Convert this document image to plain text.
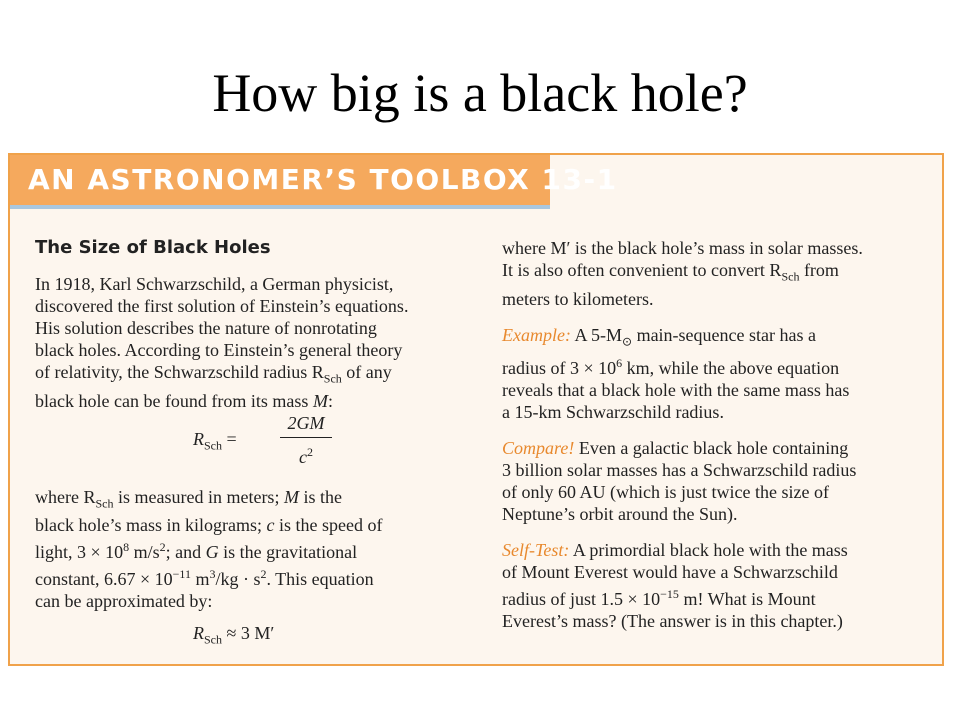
How big is a black hole?
AN ASTRONOMER’S TOOLBOX 13-1
The Size of Black Holes

In 1918, Karl Schwarzschild, a German physicist,

discovered the first solution of Einstein’s equations.

His solution describes the nature of nonrotating

black holes. According to Einstein’s general theory

of relativity, the Schwarzschild radius $R_{Sch}$ of any

black hole can be found from its mass M:

$R_{Sch}$ =
2GM
$c^2$

where $R_{Sch}$ is measured in meters; M is the

black hole’s mass in kilograms; c is the speed of

light, $3 \times 10^8$ $m/s^2$; and G is the gravitational

constant, $6.67 \times 10^{-11}$ $m^3/kg \cdot s^2$. This equation

can be approximated by:

$R_{Sch} \approx 3$ M′

where M′ is the black hole’s mass in solar masses.

It is also often convenient to convert $R_{Sch}$ from

meters to kilometers.

Example: A $5-M_⊙$ main-sequence star has a

radius of $3 \times 10^6$ km, while the above equation

reveals that a black hole with the same mass has

a 15-km Schwarzschild radius.

Compare! Even a galactic black hole containing

3 billion solar masses has a Schwarzschild radius

of only 60 AU (which is just twice the size of

Neptune’s orbit around the Sun).

Self-Test: A primordial black hole with the mass

of Mount Everest would have a Schwarzschild

radius of just $1.5 \times 10^{-15}$ m! What is Mount

Everest’s mass? (The answer is in this chapter.)
